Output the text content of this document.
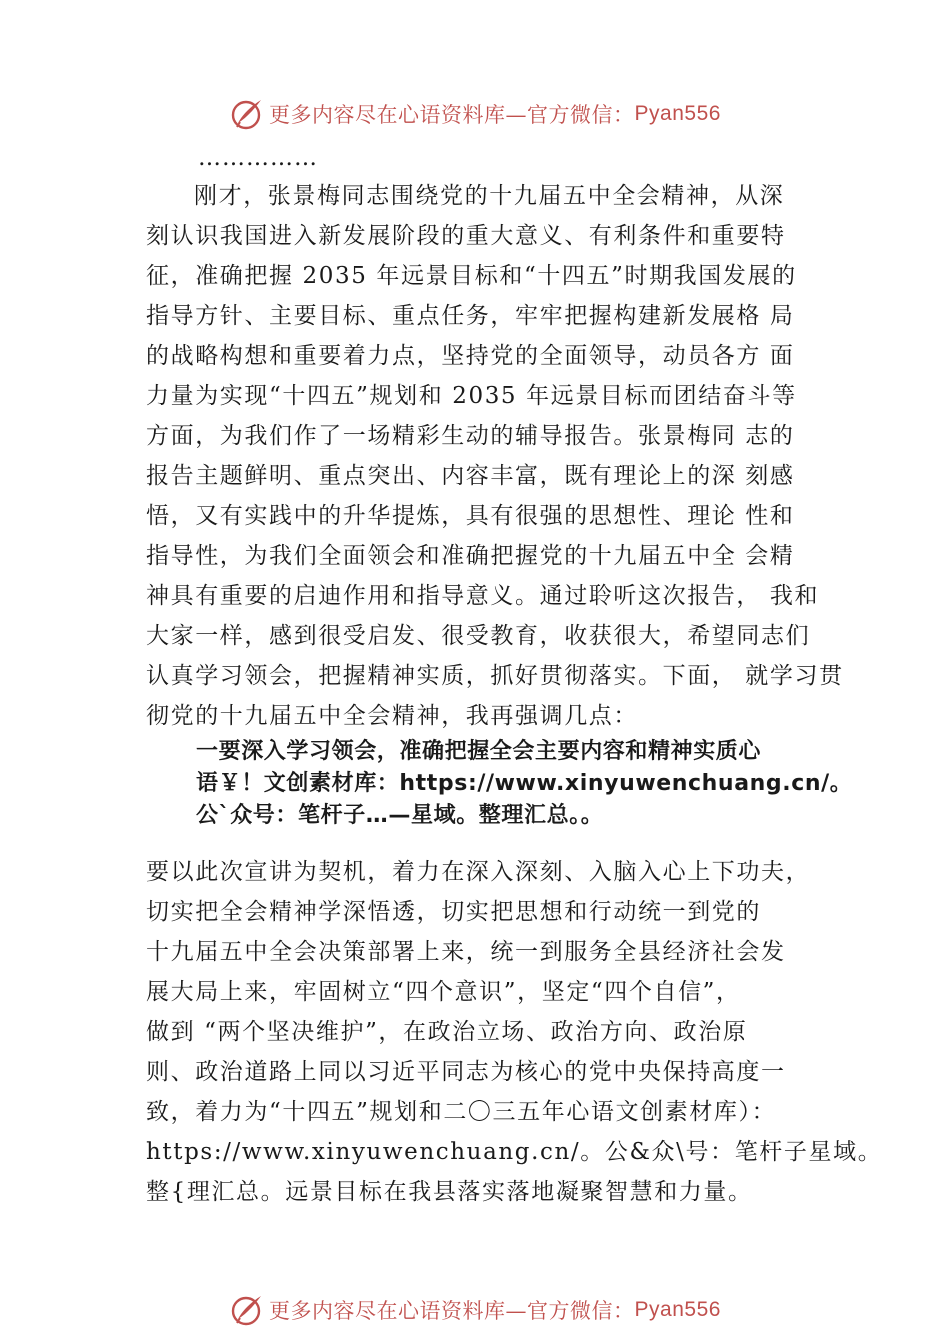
更多内容尽在心语资料库— 官方微信： Pyan556
……………
刚才，张景梅同志围绕党的十九届五中全会精神，从深
刻认识我国进入新发展阶段的重大意义、有利条件和重要特
征，准确把握 2035 年远景目标和“十四五”时期我国发展的
指导方针、主要目标、重点任务，牢牢把握构建新发展格 局
的战略构想和重要着力点，坚持党的全面领导，动员各方 面
力量为实现“十四五”规划和 2035 年远景目标而团结奋斗等
方面，为我们作了一场精彩生动的辅导报告。张景梅同 志的
报告主题鲜明、重点突出、内容丰富，既有理论上的深 刻感
悟，又有实践中的升华提炼，具有很强的思想性、理论 性和
指导性，为我们全面领会和准确把握党的十九届五中全 会精
神具有重要的启迪作用和指导意义。通过聆听这次报告， 我和
大家一样，感到很受启发、很受教育，收获很大，希望同志们
认真学习领会，把握精神实质，抓好贯彻落实。下面， 就学习贯
彻党的十九届五中全会精神，我再强调几点：
一要深入学习领会，准确把握全会主要内容和精神实质心
语￥！文创素材库：https://www.xinyuwenchuang.cn/。
公`众号：笔杆子…—星域。整理汇总。。
要以此次宣讲为契机，着力在深入深刻、入脑入心上下功夫，
切实把全会精神学深悟透，切实把思想和行动统一到党的
十九届五中全会决策部署上来，统一到服务全县经济社会发
展大局上来，牢固树立“四个意识”，坚定“四个自信”，
做到 “两个坚决维护”，在政治立场、政治方向、政治原
则、政治道路上同以习近平同志为核心的党中央保持高度一
致，着力为“十四五”规划和二〇三五年心语文创素材库）：
https://www.xinyuwenchuang.cn/。公&众\号：笔杆子星域。
整{理汇总。远景目标在我县落实落地凝聚智慧和力量。
更多内容尽在心语资料库— 官方微信： Pyan556
